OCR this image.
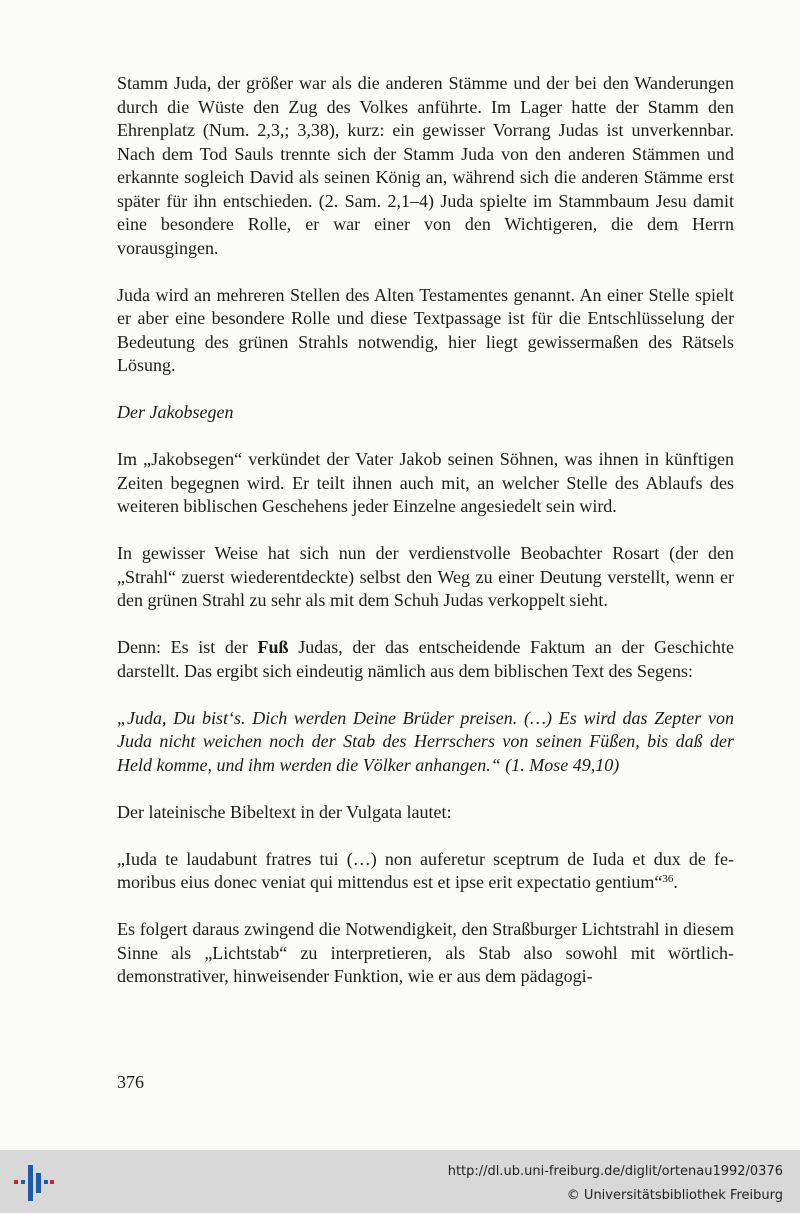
Stamm Juda, der größer war als die anderen Stämme und der bei den Wanderungen durch die Wüste den Zug des Volkes anführte. Im Lager hatte der Stamm den Ehrenplatz (Num. 2,3,; 3,38), kurz: ein gewisser Vorrang Judas ist unverkennbar. Nach dem Tod Sauls trennte sich der Stamm Juda von den anderen Stämmen und erkannte sogleich David als seinen König an, während sich die anderen Stämme erst später für ihn entschieden. (2. Sam. 2,1–4) Juda spielte im Stammbaum Jesu damit eine besondere Rolle, er war einer von den Wichtigeren, die dem Herrn vorausgingen.

Juda wird an mehreren Stellen des Alten Testamentes genannt. An einer Stelle spielt er aber eine besondere Rolle und diese Textpassage ist für die Entschlüsselung der Bedeutung des grünen Strahls notwendig, hier liegt gewissermaßen des Rätsels Lösung.

Der Jakobsegen

Im „Jakobsegen“ verkündet der Vater Jakob seinen Söhnen, was ihnen in künftigen Zeiten begegnen wird. Er teilt ihnen auch mit, an welcher Stelle des Ablaufs des weiteren biblischen Geschehens jeder Einzelne angesiedelt sein wird.

In gewisser Weise hat sich nun der verdienstvolle Beobachter Rosart (der den „Strahl“ zuerst wiederentdeckte) selbst den Weg zu einer Deutung verstellt, wenn er den grünen Strahl zu sehr als mit dem Schuh Judas verkoppelt sieht.

Denn: Es ist der Fuß Judas, der das entscheidende Faktum an der Geschichte darstellt. Das ergibt sich eindeutig nämlich aus dem biblischen Text des Segens:

„Juda, Du bist‘s. Dich werden Deine Brüder preisen. (…) Es wird das Zepter von Juda nicht weichen noch der Stab des Herrschers von seinen Füßen, bis daß der Held komme, und ihm werden die Völker anhangen.“ (1. Mose 49,10)

Der lateinische Bibeltext in der Vulgata lautet:

„Iuda te laudabunt fratres tui (…) non auferetur sceptrum de Iuda et dux de femoribus eius donec veniat qui mittendus est et ipse erit expectatio gentium“$^{36}$.

Es folgert daraus zwingend die Notwendigkeit, den Straßburger Lichtstrahl in diesem Sinne als „Lichtstab“ zu interpretieren, als Stab also sowohl mit wörtlich-demonstrativer, hinweisender Funktion, wie er aus dem pädagogi-

376
http://dl.ub.uni-freiburg.de/diglit/ortenau1992/0376
© Universitätsbibliothek Freiburg
